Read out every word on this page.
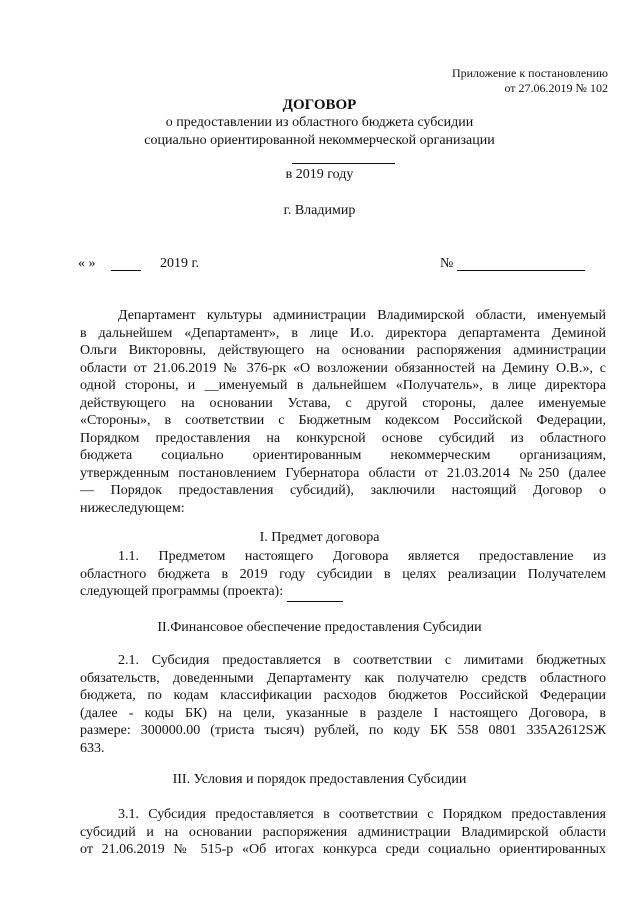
Приложение к постановлению
от 27.06.2019 № 102
ДОГОВОР
о предоставлении из областного бюджета субсидии
социально ориентированной некоммерческой организации
в 2019 году
г. Владимир
« »	2019 г.	№
Департамент культуры администрации Владимирской области, именуемый
в дальнейшем «Департамент», в лице И.о. директора департамента Деминой
Ольги Викторовны, действующего на основании распоряжения администрации
области от 21.06.2019 № 376-рк «О возложении обязанностей на Демину О.В.», с
одной стороны, и __именуемый в дальнейшем «Получатель», в лице директора
действующего на основании Устава, с другой стороны, далее именуемые
«Стороны», в соответствии с Бюджетным кодексом Российской Федерации,
Порядком предоставления на конкурсной основе субсидий из областного
бюджета социально ориентированным некоммерческим организациям,
утвержденным постановлением Губернатора области от 21.03.2014 №250 (далее
— Порядок предоставления субсидий), заключили настоящий Договор о
нижеследующем:
I. Предмет договора
1.1. Предметом настоящего Договора является предоставление из
областного бюджета в 2019 году субсидии в целях реализации Получателем
следующей программы (проекта):
II.Финансовое обеспечение предоставления Субсидии
2.1. Субсидия предоставляется в соответствии с лимитами бюджетных
обязательств, доведенными Департаменту как получателю средств областного
бюджета, по кодам классификации расходов бюджетов Российской Федерации
(далее - коды БК) на цели, указанные в разделе I настоящего Договора, в
размере: 300000.00 (триста тысяч) рублей, по коду БК 558 0801 335A2612SЖ
633.
III. Условия и порядок предоставления Субсидии
3.1. Субсидия предоставляется в соответствии с Порядком предоставления
субсидий и на основании распоряжения администрации Владимирской области
от 21.06.2019 № 515-р «Об итогах конкурса среди социально ориентированных
